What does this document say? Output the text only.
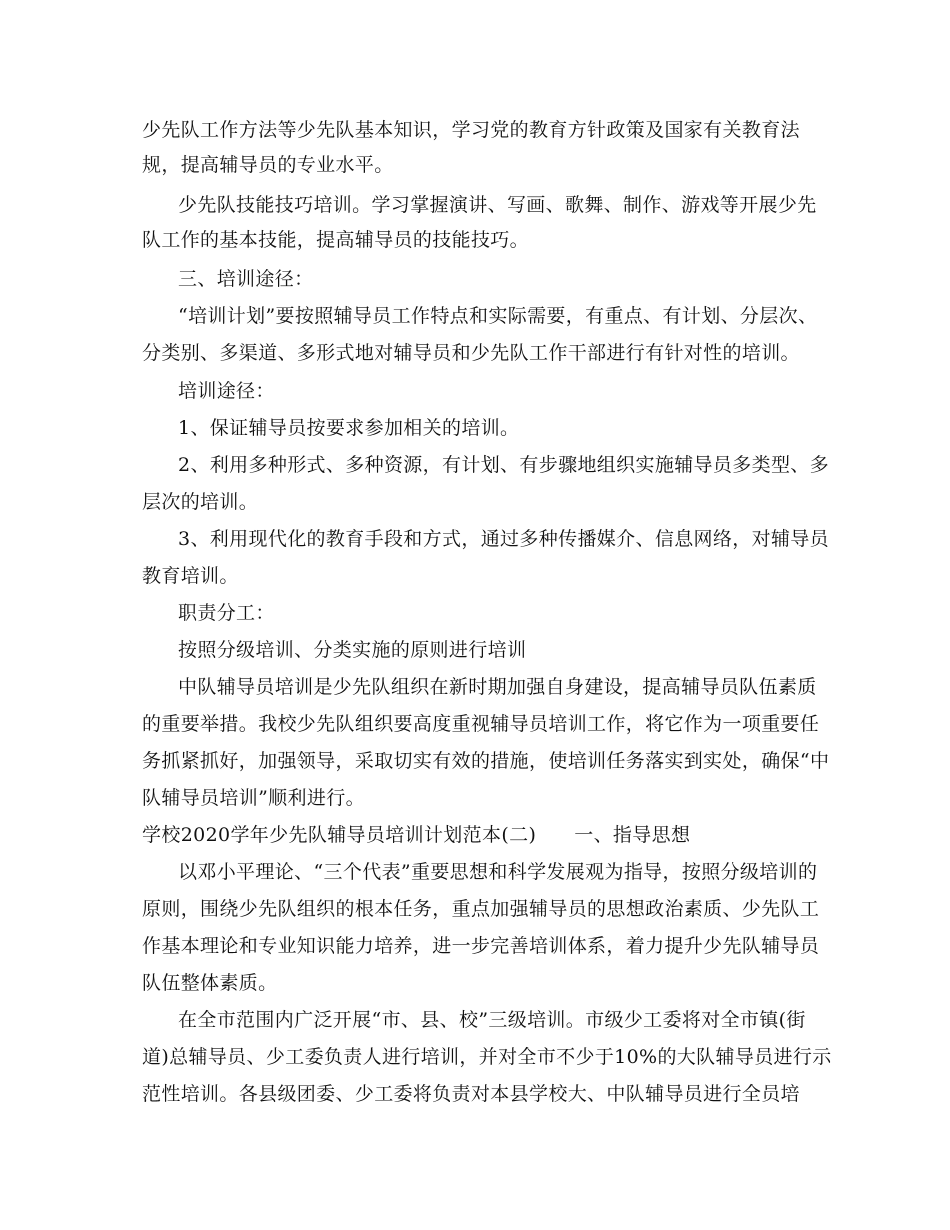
少先队工作方法等少先队基本知识，学习党的教育方针政策及国家有关教育法

规，提高辅导员的专业水平。

少先队技能技巧培训。学习掌握演讲、写画、歌舞、制作、游戏等开展少先

队工作的基本技能，提高辅导员的技能技巧。

三、培训途径：

“培训计划”要按照辅导员工作特点和实际需要，有重点、有计划、分层次、

分类别、多渠道、多形式地对辅导员和少先队工作干部进行有针对性的培训。

培训途径：

1、保证辅导员按要求参加相关的培训。

2、利用多种形式、多种资源，有计划、有步骤地组织实施辅导员多类型、多

层次的培训。

3、利用现代化的教育手段和方式，通过多种传播媒介、信息网络，对辅导员

教育培训。

职责分工：

按照分级培训、分类实施的原则进行培训

中队辅导员培训是少先队组织在新时期加强自身建设，提高辅导员队伍素质

的重要举措。我校少先队组织要高度重视辅导员培训工作，将它作为一项重要任

务抓紧抓好，加强领导，采取切实有效的措施，使培训任务落实到实处，确保“中

队辅导员培训”顺利进行。

学校2020学年少先队辅导员培训计划范本(二) 一、指导思想

以邓小平理论、“三个代表”重要思想和科学发展观为指导，按照分级培训的

原则，围绕少先队组织的根本任务，重点加强辅导员的思想政治素质、少先队工

作基本理论和专业知识能力培养，进一步完善培训体系，着力提升少先队辅导员

队伍整体素质。

在全市范围内广泛开展“市、县、校”三级培训。市级少工委将对全市镇(街

道)总辅导员、少工委负责人进行培训，并对全市不少于10%的大队辅导员进行示

范性培训。各县级团委、少工委将负责对本县学校大、中队辅导员进行全员培
